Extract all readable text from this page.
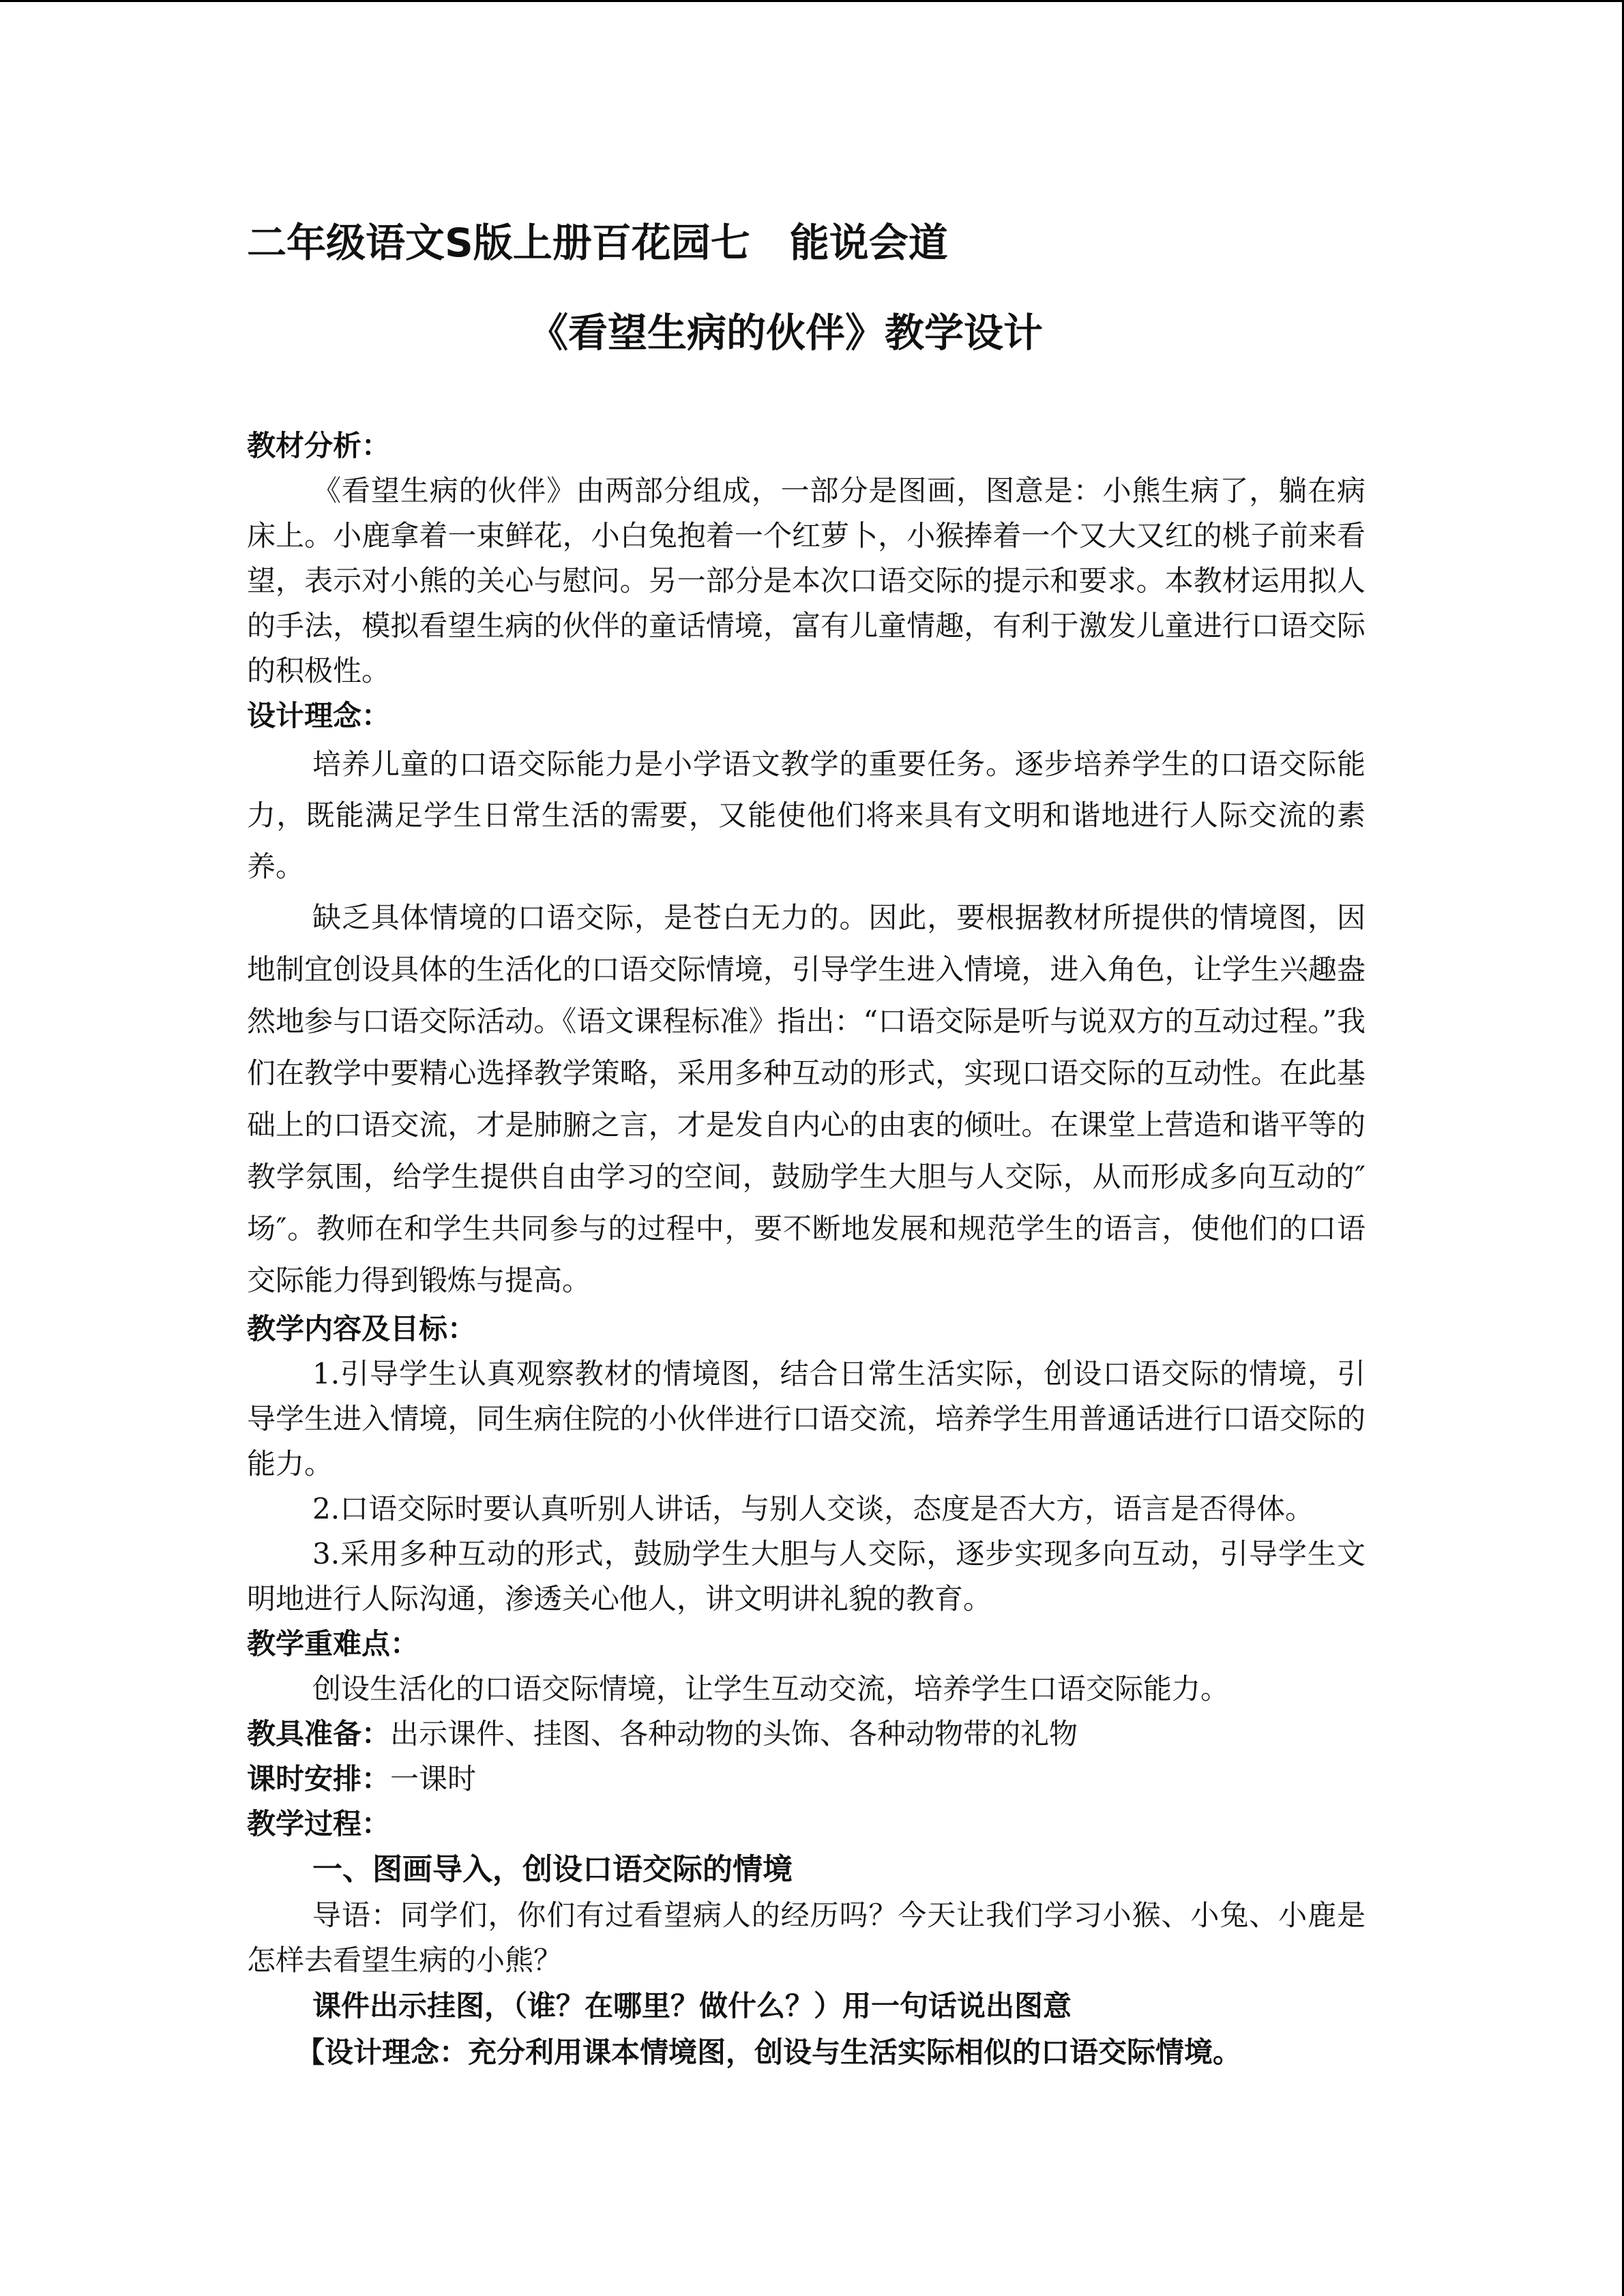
二年级语文S版上册百花园七　能说会道

《看望生病的伙伴》教学设计

教材分析：

《看望生病的伙伴》由两部分组成，一部分是图画，图意是：小熊生病了，躺在病床上。小鹿拿着一束鲜花，小白兔抱着一个红萝卜，小猴捧着一个又大又红的桃子前来看望，表示对小熊的关心与慰问。另一部分是本次口语交际的提示和要求。本教材运用拟人的手法，模拟看望生病的伙伴的童话情境，富有儿童情趣，有利于激发儿童进行口语交际的积极性。

设计理念：

培养儿童的口语交际能力是小学语文教学的重要任务。逐步培养学生的口语交际能力，既能满足学生日常生活的需要，又能使他们将来具有文明和谐地进行人际交流的素养。

缺乏具体情境的口语交际，是苍白无力的。因此，要根据教材所提供的情境图，因地制宜创设具体的生活化的口语交际情境，引导学生进入情境，进入角色，让学生兴趣盎然地参与口语交际活动。《语文课程标准》指出：“口语交际是听与说双方的互动过程。”我们在教学中要精心选择教学策略，采用多种互动的形式，实现口语交际的互动性。在此基础上的口语交流，才是肺腑之言，才是发自内心的由衷的倾吐。在课堂上营造和谐平等的教学氛围，给学生提供自由学习的空间，鼓励学生大胆与人交际，从而形成多向互动的″场″。教师在和学生共同参与的过程中，要不断地发展和规范学生的语言，使他们的口语交际能力得到锻炼与提高。

教学内容及目标：

1.引导学生认真观察教材的情境图，结合日常生活实际，创设口语交际的情境，引导学生进入情境，同生病住院的小伙伴进行口语交流，培养学生用普通话进行口语交际的能力。

2.口语交际时要认真听别人讲话，与别人交谈，态度是否大方，语言是否得体。

3.采用多种互动的形式，鼓励学生大胆与人交际，逐步实现多向互动，引导学生文明地进行人际沟通，渗透关心他人，讲文明讲礼貌的教育。

教学重难点：

创设生活化的口语交际情境，让学生互动交流，培养学生口语交际能力。

教具准备：出示课件、挂图、各种动物的头饰、各种动物带的礼物

课时安排：一课时

教学过程：

一、图画导入，创设口语交际的情境

导语：同学们，你们有过看望病人的经历吗？今天让我们学习小猴、小兔、小鹿是怎样去看望生病的小熊？

课件出示挂图，（谁？在哪里？做什么？）用一句话说出图意

【设计理念：充分利用课本情境图，创设与生活实际相似的口语交际情境。
